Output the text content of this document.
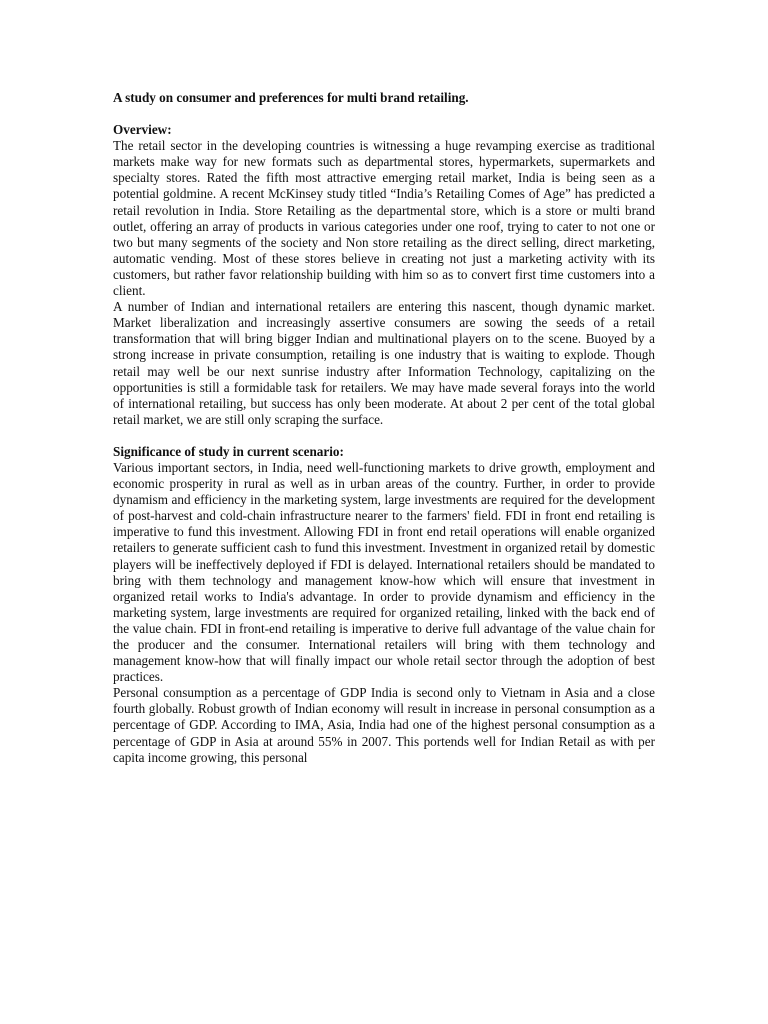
A study on consumer and preferences for multi brand retailing.

Overview:

The retail sector in the developing countries is witnessing a huge revamping exercise as traditional markets make way for new formats such as departmental stores, hypermarkets, supermarkets and specialty stores. Rated the fifth most attractive emerging retail market, India is being seen as a potential goldmine. A recent McKinsey study titled “India’s Retailing Comes of Age” has predicted a retail revolution in India. Store Retailing as the departmental store, which is a store or multi brand outlet, offering an array of products in various categories under one roof, trying to cater to not one or two but many segments of the society and Non store retailing as the direct selling, direct marketing, automatic vending. Most of these stores believe in creating not just a marketing activity with its customers, but rather favor relationship building with him so as to convert first time customers into a client.

A number of Indian and international retailers are entering this nascent, though dynamic market. Market liberalization and increasingly assertive consumers are sowing the seeds of a retail transformation that will bring bigger Indian and multinational players on to the scene. Buoyed by a strong increase in private consumption, retailing is one industry that is waiting to explode. Though retail may well be our next sunrise industry after Information Technology, capitalizing on the opportunities is still a formidable task for retailers. We may have made several forays into the world of international retailing, but success has only been moderate. At about 2 per cent of the total global retail market, we are still only scraping the surface.

Significance of study in current scenario:

Various important sectors, in India, need well-functioning markets to drive growth, employment and economic prosperity in rural as well as in urban areas of the country. Further, in order to provide dynamism and efficiency in the marketing system, large investments are required for the development of post-harvest and cold-chain infrastructure nearer to the farmers' field. FDI in front end retailing is imperative to fund this investment. Allowing FDI in front end retail operations will enable organized retailers to generate sufficient cash to fund this investment. Investment in organized retail by domestic players will be ineffectively deployed if FDI is delayed. International retailers should be mandated to bring with them technology and management know-how which will ensure that investment in organized retail works to India's advantage. In order to provide dynamism and efficiency in the marketing system, large investments are required for organized retailing, linked with the back end of the value chain. FDI in front-end retailing is imperative to derive full advantage of the value chain for the producer and the consumer. International retailers will bring with them technology and management know-how that will finally impact our whole retail sector through the adoption of best practices.

Personal consumption as a percentage of GDP India is second only to Vietnam in Asia and a close fourth globally. Robust growth of Indian economy will result in increase in personal consumption as a percentage of GDP. According to IMA, Asia, India had one of the highest personal consumption as a percentage of GDP in Asia at around 55% in 2007. This portends well for Indian Retail as with per capita income growing, this personal
